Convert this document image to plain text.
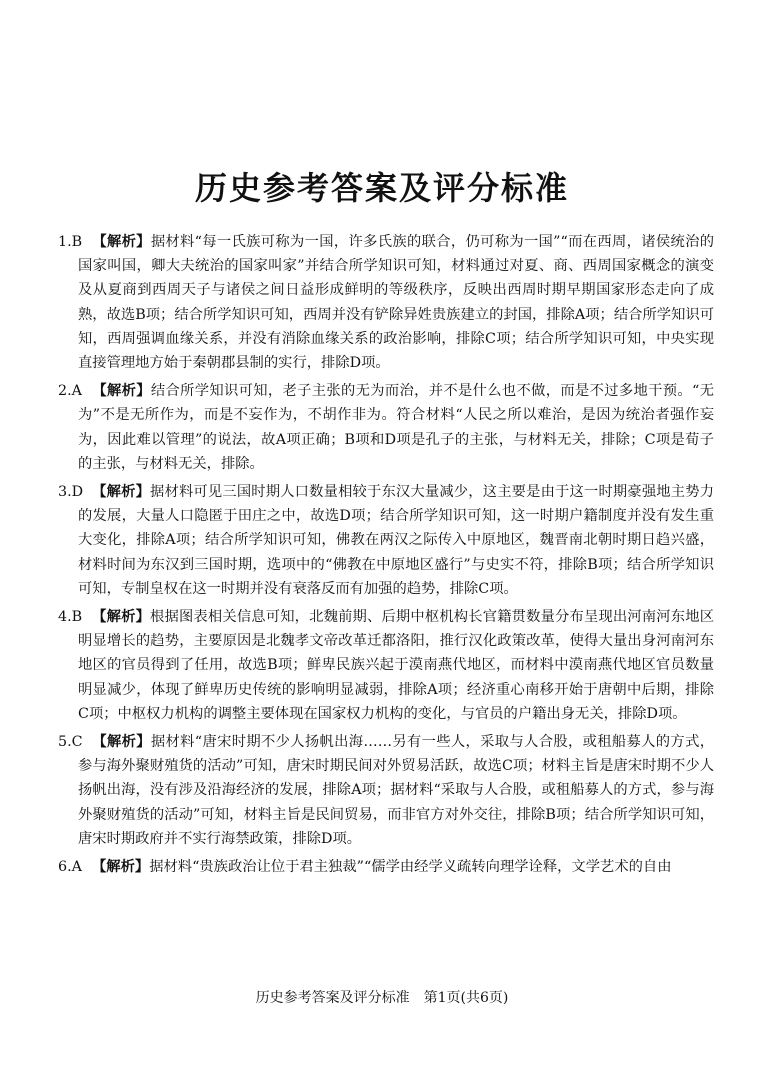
历史参考答案及评分标准
1.B 【解析】据材料“每一氏族可称为一国，许多氏族的联合，仍可称为一国”“而在西周，诸侯统治的国家叫国，卿大夫统治的国家叫家”并结合所学知识可知，材料通过对夏、商、西周国家概念的演变及从夏商到西周天子与诸侯之间日益形成鲜明的等级秩序，反映出西周时期早期国家形态走向了成熟，故选B项；结合所学知识可知，西周并没有铲除异姓贵族建立的封国，排除A项；结合所学知识可知，西周强调血缘关系，并没有消除血缘关系的政治影响，排除C项；结合所学知识可知，中央实现直接管理地方始于秦朝郡县制的实行，排除D项。
2.A 【解析】结合所学知识可知，老子主张的无为而治，并不是什么也不做，而是不过多地干预。“无为”不是无所作为，而是不妄作为，不胡作非为。符合材料“人民之所以难治，是因为统治者强作妄为，因此难以管理”的说法，故A项正确；B项和D项是孔子的主张，与材料无关，排除；C项是荀子的主张，与材料无关，排除。
3.D 【解析】据材料可见三国时期人口数量相较于东汉大量减少，这主要是由于这一时期豪强地主势力的发展，大量人口隐匿于田庄之中，故选D项；结合所学知识可知，这一时期户籍制度并没有发生重大变化，排除A项；结合所学知识可知，佛教在两汉之际传入中原地区，魏晋南北朝时期日趋兴盛，材料时间为东汉到三国时期，选项中的“佛教在中原地区盛行”与史实不符，排除B项；结合所学知识可知，专制皇权在这一时期并没有衰落反而有加强的趋势，排除C项。
4.B 【解析】根据图表相关信息可知，北魏前期、后期中枢机构长官籍贯数量分布呈现出河南河东地区明显增长的趋势，主要原因是北魏孝文帝改革迁都洛阳，推行汉化政策改革，使得大量出身河南河东地区的官员得到了任用，故选B项；鲜卑民族兴起于漠南燕代地区，而材料中漠南燕代地区官员数量明显减少，体现了鲜卑历史传统的影响明显减弱，排除A项；经济重心南移开始于唐朝中后期，排除C项；中枢权力机构的调整主要体现在国家权力机构的变化，与官员的户籍出身无关，排除D项。
5.C 【解析】据材料“唐宋时期不少人扬帆出海……另有一些人，采取与人合股，或租船募人的方式，参与海外聚财殖货的活动”可知，唐宋时期民间对外贸易活跃，故选C项；材料主旨是唐宋时期不少人扬帆出海，没有涉及沿海经济的发展，排除A项；据材料“采取与人合股，或租船募人的方式，参与海外聚财殖货的活动”可知，材料主旨是民间贸易，而非官方对外交往，排除B项；结合所学知识可知，唐宋时期政府并不实行海禁政策，排除D项。
6.A 【解析】据材料“贵族政治让位于君主独裁”“儒学由经学义疏转向理学诠释，文学艺术的自由
历史参考答案及评分标准 第1页(共6页)
